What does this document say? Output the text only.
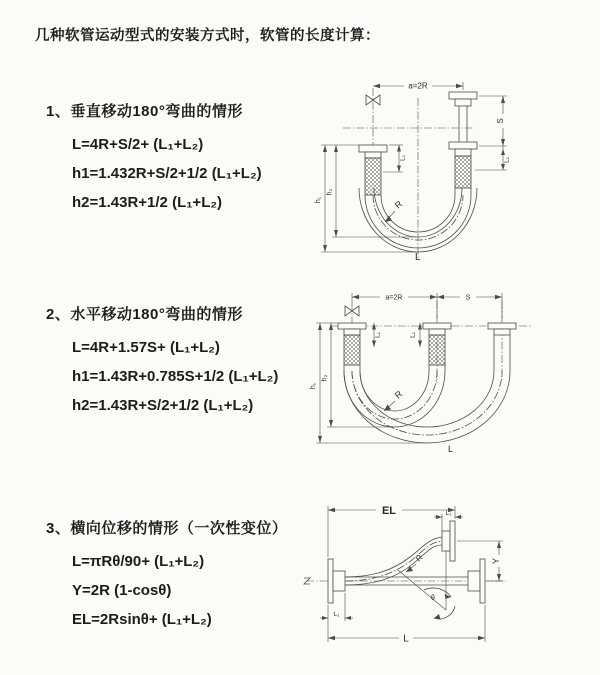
几种软管运动型式的安装方式时，软管的长度计算：
1、垂直移动180°弯曲的情形
L=4R+S/2+ (L₁+L₂)
h1=1.432R+S/2+1/2 (L₁+L₂)
h2=1.43R+1/2 (L₁+L₂)
2、水平移动180°弯曲的情形
L=4R+1.57S+ (L₁+L₂)
h1=1.43R+0.785S+1/2 (L₁+L₂)
h2=1.43R+S/2+1/2 (L₁+L₂)
3、横向位移的情形（一次性变位）
L=πRθ/90+ (L₁+L₂)
Y=2R (1-cosθ)
EL=2Rsinθ+ (L₁+L₂)
a=2R
S
L₁
L₁
h₁
h₂
R
L
a=2R	S
L₁	L₁
h₁
h₂
R
L
θ
EL	L₁
Y
L
L₁
R
